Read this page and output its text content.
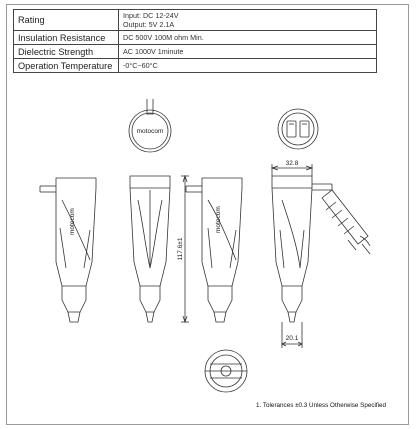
Rating	Input: DC 12-24V
Output: 5V 2.1A

Insulation Resistance	DC 500V 100M ohm Min.
Dielectric Strength	AC 1000V 1minute
Operation Temperature	-0°C~60°C
motocom
motocom
117.6±1
motocom
32.8
20.1
1. Tolerances ±0.3 Unless Otherwise Specified
